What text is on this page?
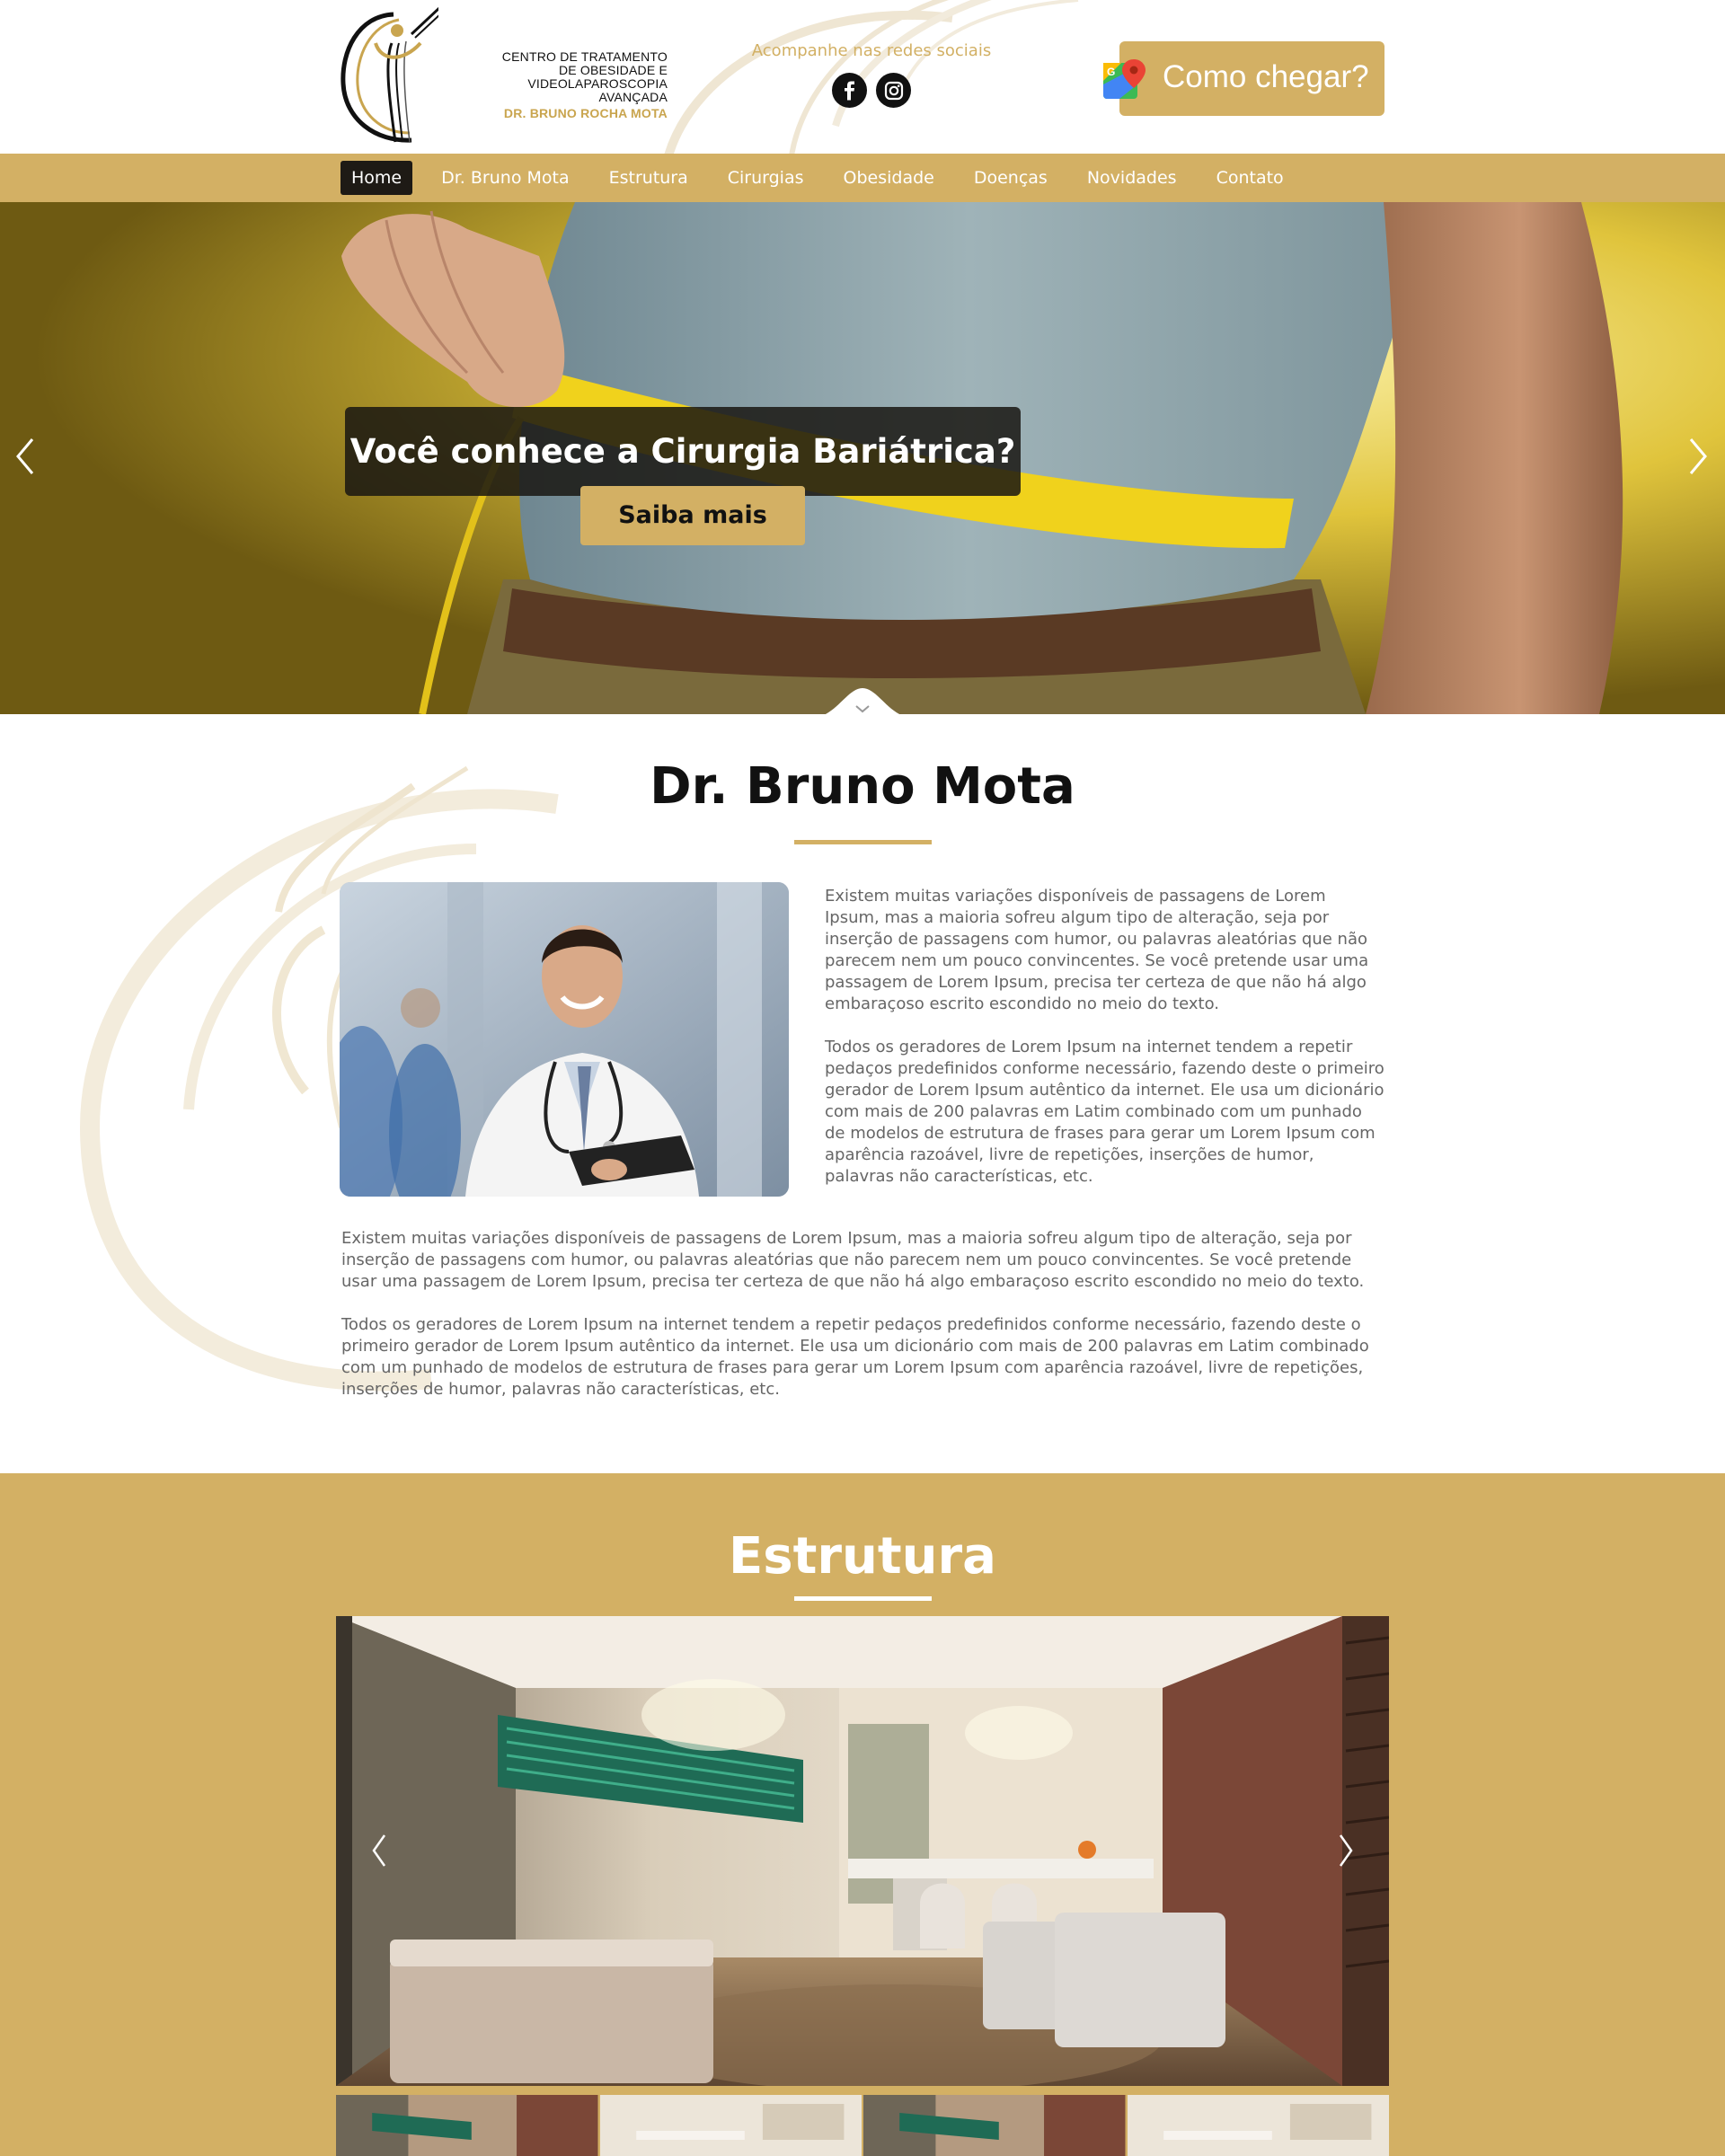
CENTRO DE TRATAMENTO
DE OBESIDADE E
VIDEOLAPAROSCOPIA
AVANÇADA
DR. BRUNO ROCHA MOTA
Acompanhe nas redes sociais
Como chegar?
G
Home	Dr. Bruno Mota	Estrutura	Cirurgias	Obesidade	Doenças	Novidades	Contato
Você conhece a Cirurgia Bariátrica?
Saiba mais
Dr. Bruno Mota
Existem muitas variações disponíveis de passagens de Lorem Ipsum, mas a maioria sofreu algum tipo de alteração, seja por inserção de passagens com humor, ou palavras aleatórias que não parecem nem um pouco convincentes. Se você pretende usar uma passagem de Lorem Ipsum, precisa ter certeza de que não há algo embaraçoso escrito escondido no meio do texto.
Todos os geradores de Lorem Ipsum na internet tendem a repetir pedaços predefinidos conforme necessário, fazendo deste o primeiro gerador de Lorem Ipsum autêntico da internet. Ele usa um dicionário com mais de 200 palavras em Latim combinado com um punhado de modelos de estrutura de frases para gerar um Lorem Ipsum com aparência razoável, livre de repetições, inserções de humor, palavras não características, etc.
Existem muitas variações disponíveis de passagens de Lorem Ipsum, mas a maioria sofreu algum tipo de alteração, seja por inserção de passagens com humor, ou palavras aleatórias que não parecem nem um pouco convincentes. Se você pretende usar uma passagem de Lorem Ipsum, precisa ter certeza de que não há algo embaraçoso escrito escondido no meio do texto.
Todos os geradores de Lorem Ipsum na internet tendem a repetir pedaços predefinidos conforme necessário, fazendo deste o primeiro gerador de Lorem Ipsum autêntico da internet. Ele usa um dicionário com mais de 200 palavras em Latim combinado com um punhado de modelos de estrutura de frases para gerar um Lorem Ipsum com aparência razoável, livre de repetições, inserções de humor, palavras não características, etc.
Estrutura
